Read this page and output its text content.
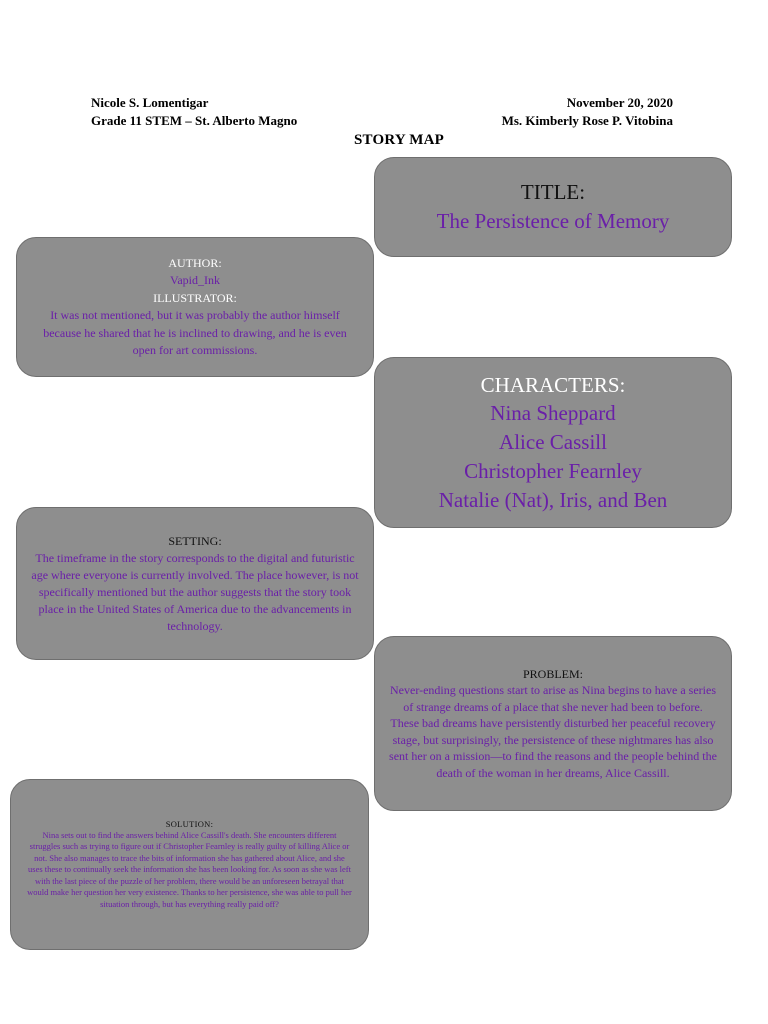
Nicole S. Lomentigar
Grade 11 STEM – St. Alberto Magno
November 20, 2020
Ms. Kimberly Rose P. Vitobina
STORY MAP
TITLE:
The Persistence of Memory
AUTHOR:
Vapid_Ink
ILLUSTRATOR:
It was not mentioned, but it was probably the author himself because he shared that he is inclined to drawing, and he is even open for art commissions.
CHARACTERS:
Nina Sheppard
Alice Cassill
Christopher Fearnley
Natalie (Nat), Iris, and Ben
SETTING:
The timeframe in the story corresponds to the digital and futuristic age where everyone is currently involved. The place however, is not specifically mentioned but the author suggests that the story took place in the United States of America due to the advancements in technology.
PROBLEM:
Never-ending questions start to arise as Nina begins to have a series of strange dreams of a place that she never had been to before. These bad dreams have persistently disturbed her peaceful recovery stage, but surprisingly, the persistence of these nightmares has also sent her on a mission—to find the reasons and the people behind the death of the woman in her dreams, Alice Cassill.
SOLUTION:
Nina sets out to find the answers behind Alice Cassill's death. She encounters different struggles such as trying to figure out if Christopher Fearnley is really guilty of killing Alice or not. She also manages to trace the bits of information she has gathered about Alice, and she uses these to continually seek the information she has been looking for. As soon as she was left with the last piece of the puzzle of her problem, there would be an unforeseen betrayal that would make her question her very existence. Thanks to her persistence, she was able to pull her situation through, but has everything really paid off?
